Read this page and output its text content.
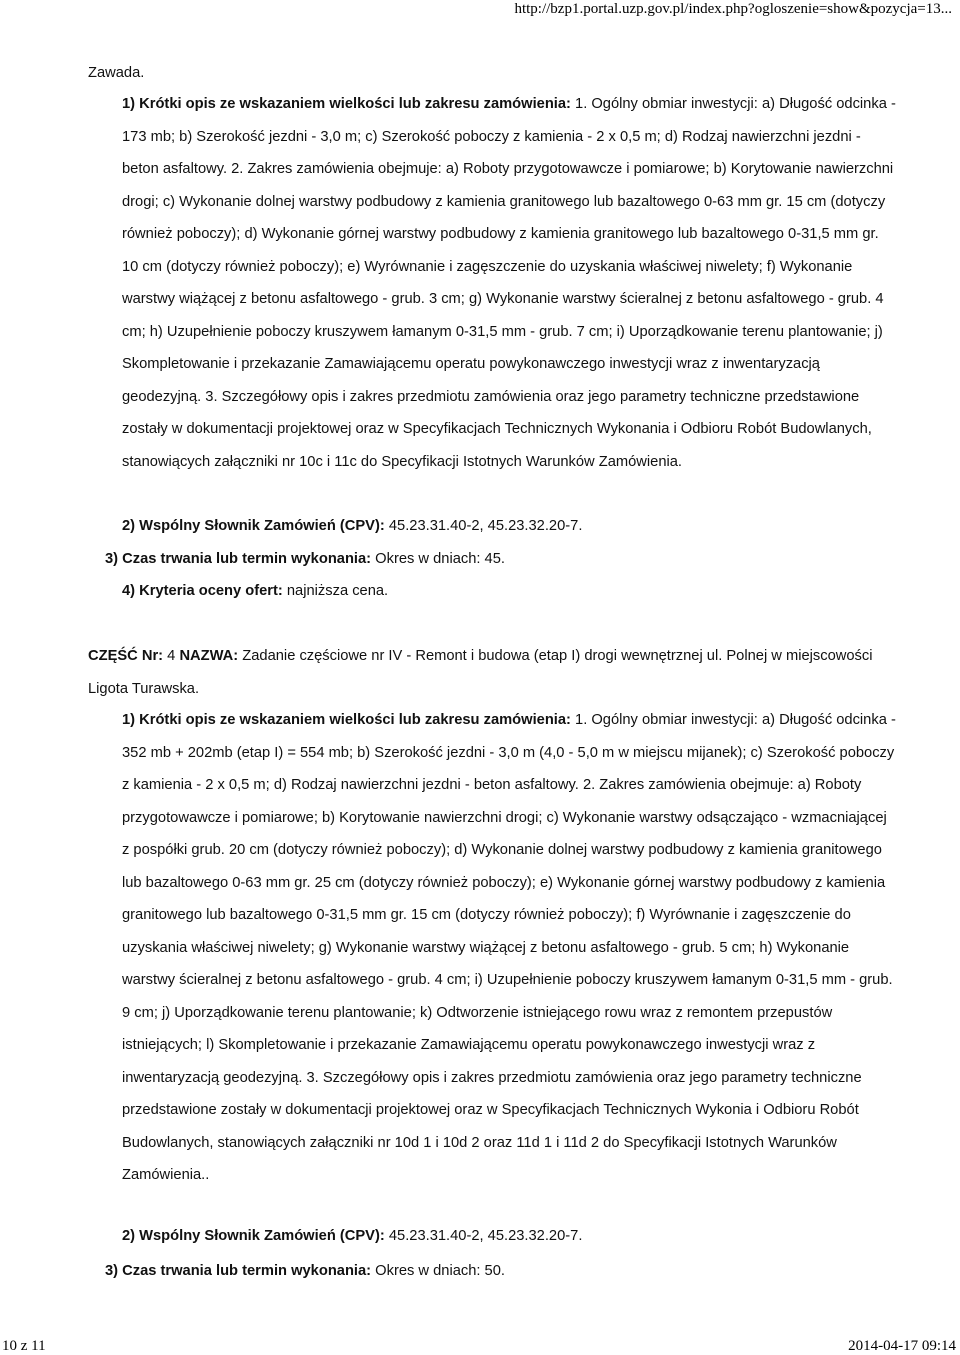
http://bzp1.portal.uzp.gov.pl/index.php?ogloszenie=show&pozycja=13...

Zawada.

1) Krótki opis ze wskazaniem wielkości lub zakresu zamówienia: 1. Ogólny obmiar inwestycji: a) Długość odcinka - 173 mb; b) Szerokość jezdni - 3,0 m; c) Szerokość poboczy z kamienia - 2 x 0,5 m; d) Rodzaj nawierzchni jezdni - beton asfaltowy. 2. Zakres zamówienia obejmuje: a) Roboty przygotowawcze i pomiarowe; b) Korytowanie nawierzchni drogi; c) Wykonanie dolnej warstwy podbudowy z kamienia granitowego lub bazaltowego 0-63 mm gr. 15 cm (dotyczy również poboczy); d) Wykonanie górnej warstwy podbudowy z kamienia granitowego lub bazaltowego 0-31,5 mm gr. 10 cm (dotyczy również poboczy); e) Wyrównanie i zagęszczenie do uzyskania właściwej niwelety; f) Wykonanie warstwy wiążącej z betonu asfaltowego - grub. 3 cm; g) Wykonanie warstwy ścieralnej z betonu asfaltowego - grub. 4 cm; h) Uzupełnienie poboczy kruszywem łamanym 0-31,5 mm - grub. 7 cm; i) Uporządkowanie terenu plantowanie; j) Skompletowanie i przekazanie Zamawiającemu operatu powykonawczego inwestycji wraz z inwentaryzacją geodezyjną. 3. Szczegółowy opis i zakres przedmiotu zamówienia oraz jego parametry techniczne przedstawione zostały w dokumentacji projektowej oraz w Specyfikacjach Technicznych Wykonania i Odbioru Robót Budowlanych, stanowiących załączniki nr 10c i 11c do Specyfikacji Istotnych Warunków Zamówienia.

2) Wspólny Słownik Zamówień (CPV): 45.23.31.40-2, 45.23.32.20-7.

3) Czas trwania lub termin wykonania: Okres w dniach: 45.

4) Kryteria oceny ofert: najniższa cena.

CZĘŚĆ Nr: 4 NAZWA: Zadanie częściowe nr IV - Remont i budowa (etap I) drogi wewnętrznej ul. Polnej w miejscowości Ligota Turawska.

1) Krótki opis ze wskazaniem wielkości lub zakresu zamówienia: 1. Ogólny obmiar inwestycji: a) Długość odcinka - 352 mb + 202mb (etap I) = 554 mb; b) Szerokość jezdni - 3,0 m (4,0 - 5,0 m w miejscu mijanek); c) Szerokość poboczy z kamienia - 2 x 0,5 m; d) Rodzaj nawierzchni jezdni - beton asfaltowy. 2. Zakres zamówienia obejmuje: a) Roboty przygotowawcze i pomiarowe; b) Korytowanie nawierzchni drogi; c) Wykonanie warstwy odsączająco - wzmacniającej z pospółki grub. 20 cm (dotyczy również poboczy); d) Wykonanie dolnej warstwy podbudowy z kamienia granitowego lub bazaltowego 0-63 mm gr. 25 cm (dotyczy również poboczy); e) Wykonanie górnej warstwy podbudowy z kamienia granitowego lub bazaltowego 0-31,5 mm gr. 15 cm (dotyczy również poboczy); f) Wyrównanie i zagęszczenie do uzyskania właściwej niwelety; g) Wykonanie warstwy wiążącej z betonu asfaltowego - grub. 5 cm; h) Wykonanie warstwy ścieralnej z betonu asfaltowego - grub. 4 cm; i) Uzupełnienie poboczy kruszywem łamanym 0-31,5 mm - grub. 9 cm; j) Uporządkowanie terenu plantowanie; k) Odtworzenie istniejącego rowu wraz z remontem przepustów istniejących; l) Skompletowanie i przekazanie Zamawiającemu operatu powykonawczego inwestycji wraz z inwentaryzacją geodezyjną. 3. Szczegółowy opis i zakres przedmiotu zamówienia oraz jego parametry techniczne przedstawione zostały w dokumentacji projektowej oraz w Specyfikacjach Technicznych Wykonia i Odbioru Robót Budowlanych, stanowiących załączniki nr 10d 1 i 10d 2 oraz 11d 1 i 11d 2 do Specyfikacji Istotnych Warunków Zamówienia..

2) Wspólny Słownik Zamówień (CPV): 45.23.31.40-2, 45.23.32.20-7.

3) Czas trwania lub termin wykonania: Okres w dniach: 50.

10 z 11	2014-04-17 09:14
